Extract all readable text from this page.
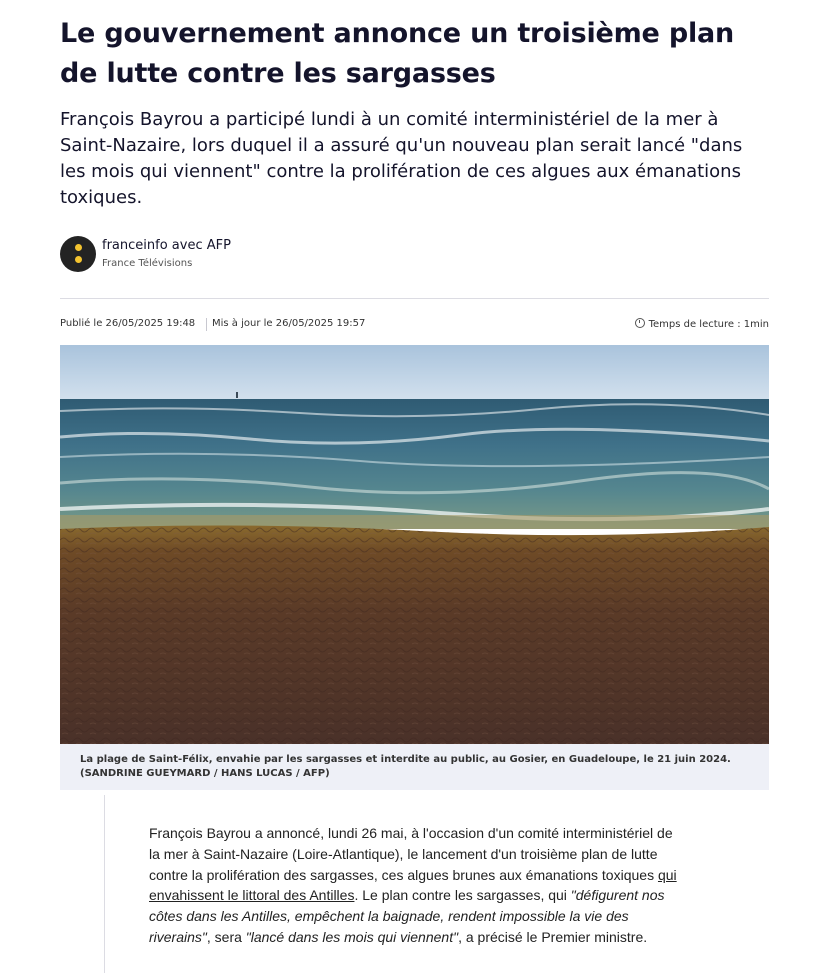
Le gouvernement annonce un troisième plan de lutte contre les sargasses

François Bayrou a participé lundi à un comité interministériel de la mer à Saint-Nazaire, lors duquel il a assuré qu'un nouveau plan serait lancé "dans les mois qui viennent" contre la prolifération de ces algues aux émanations toxiques.

franceinfo avec AFP
France Télévisions
Publié le 26/05/2025 19:48 Mis à jour le 26/05/2025 19:57	Temps de lecture : 1min
La plage de Saint-Félix, envahie par les sargasses et interdite au public, au Gosier, en Guadeloupe, le 21 juin 2024. (SANDRINE GUEYMARD / HANS LUCAS / AFP)

François Bayrou a annoncé, lundi 26 mai, à l'occasion d'un comité interministériel de la mer à Saint-Nazaire (Loire-Atlantique), le lancement d'un troisième plan de lutte contre la prolifération des sargasses, ces algues brunes aux émanations toxiques qui envahissent le littoral des Antilles. Le plan contre les sargasses, qui "défigurent nos côtes dans les Antilles, empêchent la baignade, rendent impossible la vie des riverains", sera "lancé dans les mois qui viennent", a précisé le Premier ministre.
